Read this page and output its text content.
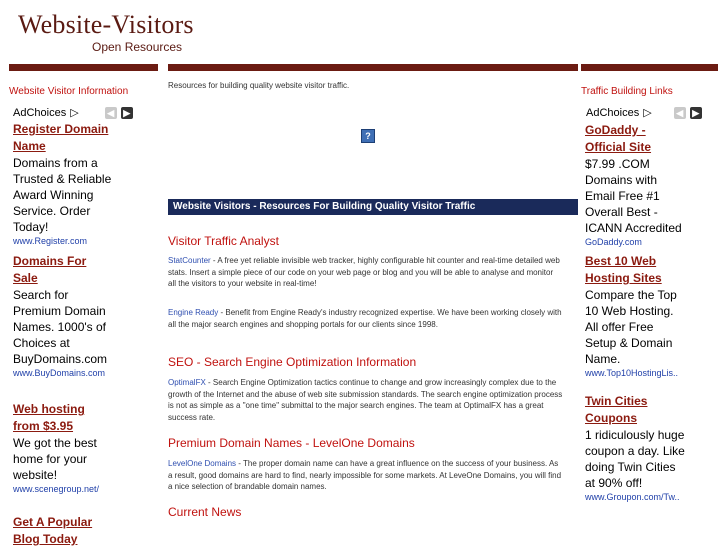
Website-Visitors
Open Resources
Website Visitor Information
AdChoices ▷	◀ ▶
Register Domain
Name
Domains from a
Trusted & Reliable
Award Winning
Service. Order
Today!
www.Register.com
Domains For
Sale
Search for
Premium Domain
Names. 1000's of
Choices at
BuyDomains.com
www.BuyDomains.com
Web hosting
from $3.95
We got the best
home for your
website!
www.scenegroup.net/
Get A Popular
Blog Today
Resources for building quality website visitor traffic.
?
Website Visitors - Resources For Building Quality Visitor Traffic
Visitor Traffic Analyst
StatCounter - A free yet reliable invisible web tracker, highly configurable hit counter and real-time detailed web stats. Insert a simple piece of our code on your web page or blog and you will be able to analyse and monitor all the visitors to your website in real-time!
Engine Ready - Benefit from Engine Ready's industry recognized expertise. We have been working closely with all the major search engines and shopping portals for our clients since 1998.
SEO - Search Engine Optimization Information
OptimalFX - Search Engine Optimization tactics continue to change and grow increasingly complex due to the growth of the Internet and the abuse of web site submission standards. The search engine optimization process is not as simple as a "one time" submittal to the major search engines. The team at OptimalFX has a great success rate.
Premium Domain Names - LevelOne Domains
LevelOne Domains - The proper domain name can have a great influence on the success of your business. As a result, good domains are hard to find, nearly impossible for some markets. At LeveOne Domains, you will find a nice selection of brandable domain names.
Current News
Traffic Building Links
AdChoices ▷	◀ ▶
GoDaddy -
Official Site
$7.99 .COM
Domains with
Email Free #1
Overall Best -
ICANN Accredited
GoDaddy.com
Best 10 Web
Hosting Sites
Compare the Top
10 Web Hosting.
All offer Free
Setup & Domain
Name.
www.Top10HostingLis..
Twin Cities
Coupons
1 ridiculously huge
coupon a day. Like
doing Twin Cities
at 90% off!
www.Groupon.com/Tw..
